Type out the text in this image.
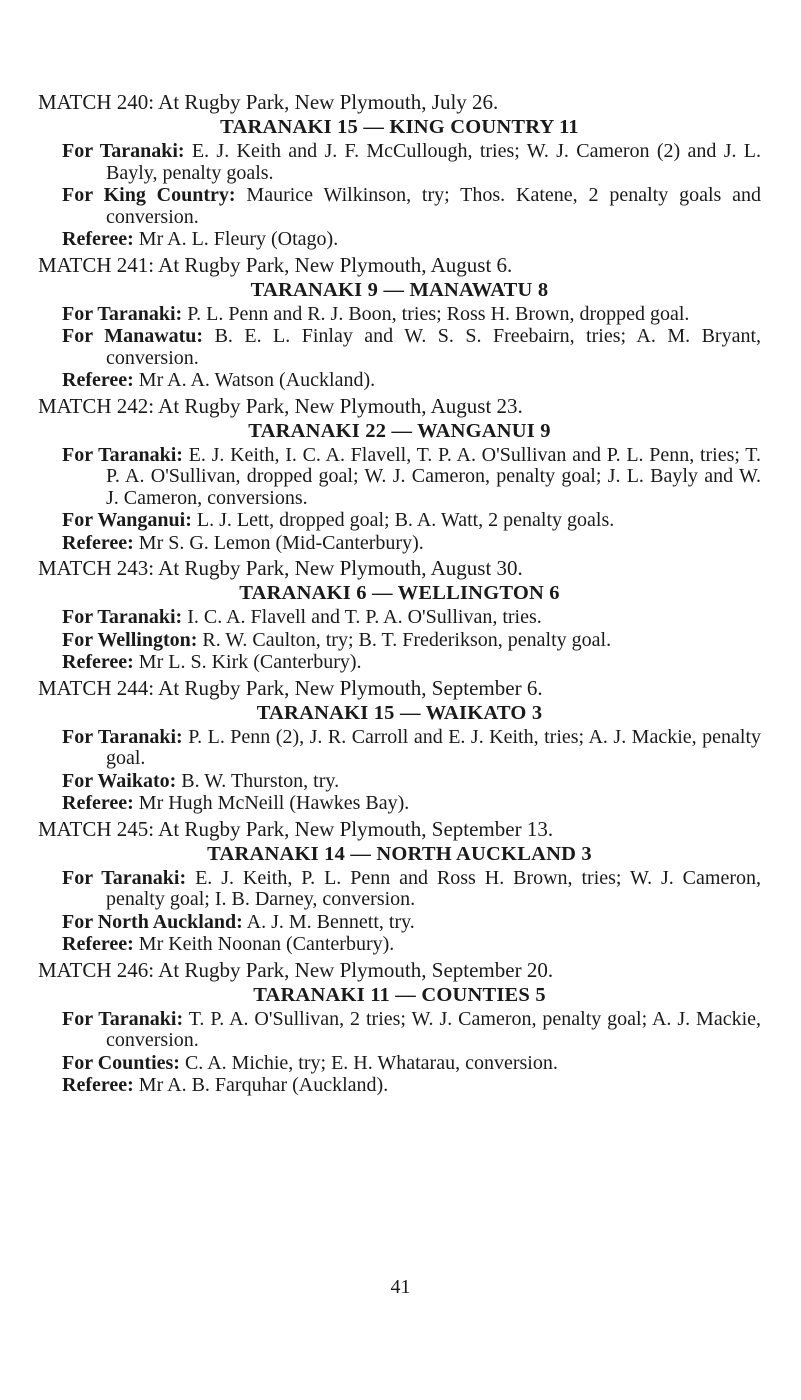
MATCH 240: At Rugby Park, New Plymouth, July 26.

TARANAKI 15 — KING COUNTRY 11

For Taranaki: E. J. Keith and J. F. McCullough, tries; W. J. Cameron (2) and J. L. Bayly, penalty goals.

For King Country: Maurice Wilkinson, try; Thos. Katene, 2 penalty goals and conversion.

Referee: Mr A. L. Fleury (Otago).

MATCH 241: At Rugby Park, New Plymouth, August 6.

TARANAKI 9 — MANAWATU 8

For Taranaki: P. L. Penn and R. J. Boon, tries; Ross H. Brown, dropped goal.

For Manawatu: B. E. L. Finlay and W. S. S. Freebairn, tries; A. M. Bryant, conversion.

Referee: Mr A. A. Watson (Auckland).

MATCH 242: At Rugby Park, New Plymouth, August 23.

TARANAKI 22 — WANGANUI 9

For Taranaki: E. J. Keith, I. C. A. Flavell, T. P. A. O'Sullivan and P. L. Penn, tries; T. P. A. O'Sullivan, dropped goal; W. J. Cameron, penalty goal; J. L. Bayly and W. J. Cameron, conversions.

For Wanganui: L. J. Lett, dropped goal; B. A. Watt, 2 penalty goals.

Referee: Mr S. G. Lemon (Mid-Canterbury).

MATCH 243: At Rugby Park, New Plymouth, August 30.

TARANAKI 6 — WELLINGTON 6

For Taranaki: I. C. A. Flavell and T. P. A. O'Sullivan, tries.

For Wellington: R. W. Caulton, try; B. T. Frederikson, penalty goal.

Referee: Mr L. S. Kirk (Canterbury).

MATCH 244: At Rugby Park, New Plymouth, September 6.

TARANAKI 15 — WAIKATO 3

For Taranaki: P. L. Penn (2), J. R. Carroll and E. J. Keith, tries; A. J. Mackie, penalty goal.

For Waikato: B. W. Thurston, try.

Referee: Mr Hugh McNeill (Hawkes Bay).

MATCH 245: At Rugby Park, New Plymouth, September 13.

TARANAKI 14 — NORTH AUCKLAND 3

For Taranaki: E. J. Keith, P. L. Penn and Ross H. Brown, tries; W. J. Cameron, penalty goal; I. B. Darney, conversion.

For North Auckland: A. J. M. Bennett, try.

Referee: Mr Keith Noonan (Canterbury).

MATCH 246: At Rugby Park, New Plymouth, September 20.

TARANAKI 11 — COUNTIES 5

For Taranaki: T. P. A. O'Sullivan, 2 tries; W. J. Cameron, penalty goal; A. J. Mackie, conversion.

For Counties: C. A. Michie, try; E. H. Whatarau, conversion.

Referee: Mr A. B. Farquhar (Auckland).

41
